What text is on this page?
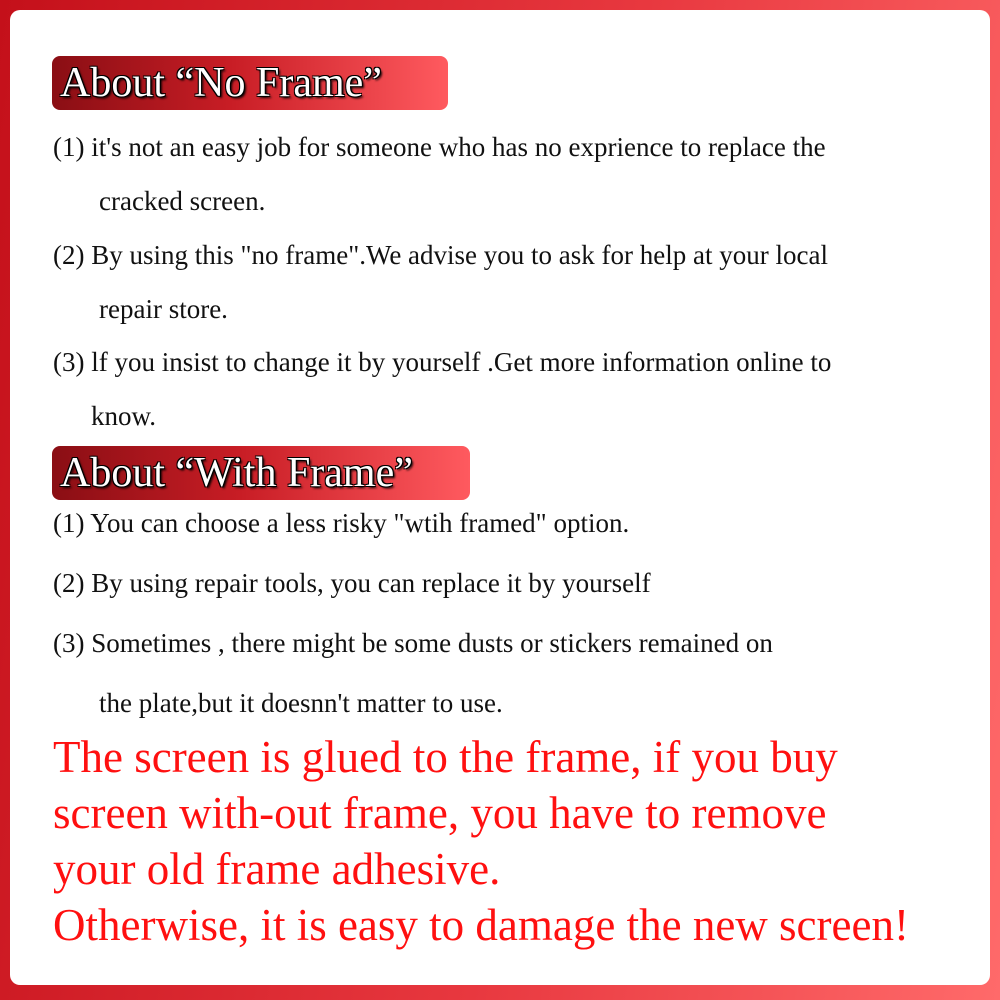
About “No Frame”
(1) it's not an easy job for someone who has no exprience to replace the
cracked screen.
(2) By using this "no frame".We advise you to ask for help at your local
repair store.
(3) lf you insist to change it by yourself .Get more information online to
know.
About “With Frame”
(1) You can choose a less risky "wtih framed" option.
(2) By using repair tools, you can replace it by yourself
(3) Sometimes , there might be some dusts or stickers remained on
the plate,but it doesnn't matter to use.
The screen is glued to the frame, if you buy
screen with-out frame, you have to remove
your old frame adhesive.
Otherwise, it is easy to damage the new screen!
